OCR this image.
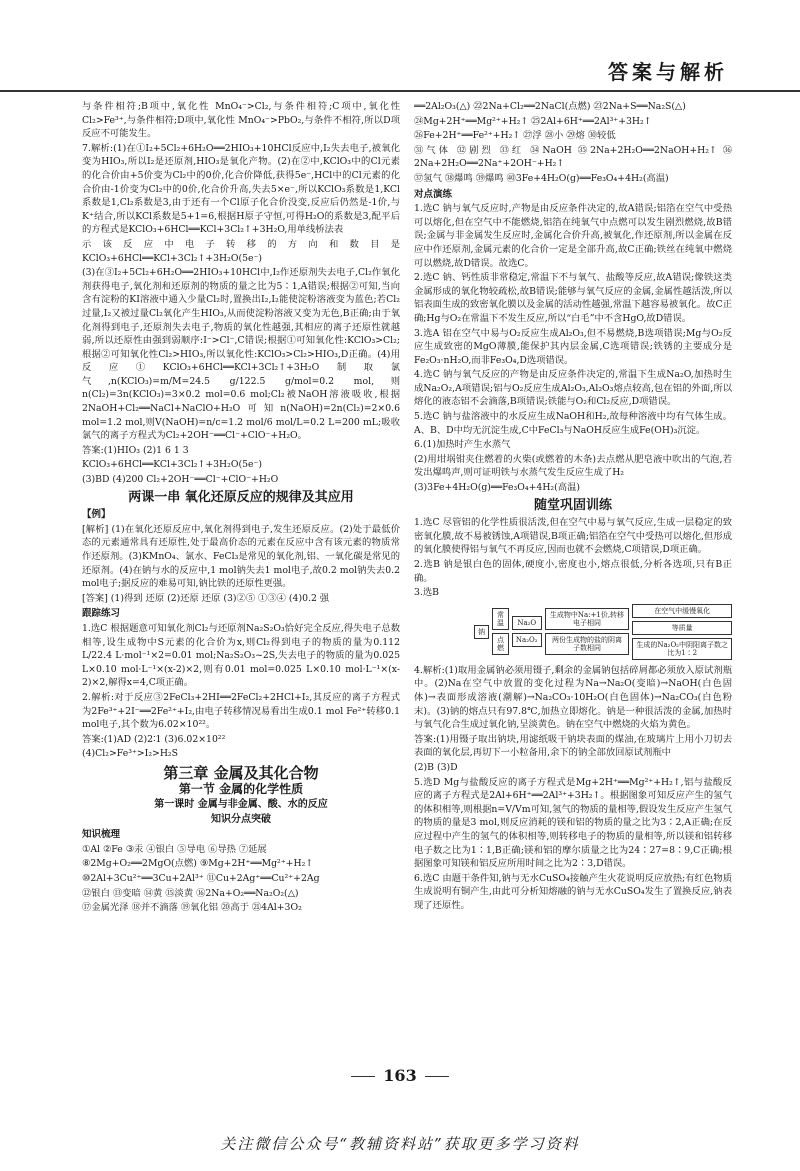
答案与解析

与条件相符;B项中,氧化性 MnO₄⁻>Cl₂,与条件相符;C项中,氧化性 Cl₂>Fe³⁺,与条件相符;D项中,氧化性 MnO₄⁻>PbO₂,与条件不相符,所以D项反应不可能发生。

7.解析:(1)在①I₂+5Cl₂+6H₂O══2HIO₃+10HCl反应中,I₂失去电子,被氧化变为HIO₃,所以I₂是还原剂,HIO₃是氧化产物。(2)在②中,KClO₃中的Cl元素的化合价由+5价变为Cl₂中的0价,化合价降低,获得5e⁻,HCl中的Cl元素的化合价由-1价变为Cl₂中的0价,化合价升高,失去5×e⁻,所以KClO₃系数是1,KCl系数是1,Cl₂系数是3,由于还有一个Cl原子化合价没变,反应后仍然是-1价,与K⁺结合,所以KCl系数是5+1=6,根据H原子守恒,可得H₂O的系数是3,配平后的方程式是KClO₃+6HCl══KCl+3Cl₂↑+3H₂O,用单线桥法表

示该反应中电子转移的方向和数目是 KClO₃+6HCl══KCl+3Cl₂↑+3H₂O(5e⁻)

(3)在③I₂+5Cl₂+6H₂O══2HIO₃+10HCl中,I₂作还原剂失去电子,Cl₂作氧化剂获得电子,氧化剂和还原剂的物质的量之比为5∶1,A错误;根据②可知,当向含有淀粉的KI溶液中通入少量Cl₂时,置换出I₂,I₂能使淀粉溶液变为蓝色;若Cl₂过量,I₂又被过量Cl₂氧化产生HIO₃,从而使淀粉溶液又变为无色,B正确;由于氧化剂得到电子,还原剂失去电子,物质的氧化性越强,其相应的离子还原性就越弱,所以还原性由强到弱顺序:I⁻>Cl⁻,C错误;根据①可知氧化性:KClO₃>Cl₂;根据②可知氧化性Cl₂>HIO₃,所以氧化性:KClO₃>Cl₂>HIO₃,D正确。(4)用反应①KClO₃+6HCl══KCl+3Cl₂↑+3H₂O制取氯气,n(KClO₃)=m/M=24.5 g/122.5 g/mol=0.2 mol,则n(Cl₂)=3n(KClO₃)=3×0.2 mol=0.6 mol;Cl₂被NaOH溶液吸收,根据2NaOH+Cl₂══NaCl+NaClO+H₂O可知n(NaOH)=2n(Cl₂)=2×0.6 mol=1.2 mol,则V(NaOH)=n/c=1.2 mol/6 mol/L=0.2 L=200 mL;吸收氯气的离子方程式为Cl₂+2OH⁻══Cl⁻+ClO⁻+H₂O。

答案:(1)HIO₃ (2)1 6 1 3

KClO₃+6HCl══KCl+3Cl₂↑+3H₂O(5e⁻)

(3)BD (4)200 Cl₂+2OH⁻══Cl⁻+ClO⁻+H₂O

两课一串 氧化还原反应的规律及其应用
【例】

[解析] (1)在氧化还原反应中,氧化剂得到电子,发生还原反应。(2)处于最低价态的元素通常具有还原性,处于最高价态的元素在反应中含有该元素的物质常作还原剂。(3)KMnO₄、氯水、FeCl₃是常见的氧化剂,铝、一氧化碳是常见的还原剂。(4)在钠与水的反应中,1 mol钠失去1 mol电子,故0.2 mol钠失去0.2 mol电子;据反应的难易可知,钠比铁的还原性更强。

[答案] (1)得到 还原 (2)还原 还原 (3)②⑤ ①③④ (4)0.2 强

跟踪练习

1.选C 根据题意可知氧化剂Cl₂与还原剂Na₂S₂O₃恰好完全反应,得失电子总数相等,设生成物中S元素的化合价为x,则Cl₂得到电子的物质的量为0.112 L/22.4 L·mol⁻¹×2=0.01 mol;Na₂S₂O₃~2S,失去电子的物质的量为0.025 L×0.10 mol·L⁻¹×(x-2)×2,则有0.01 mol=0.025 L×0.10 mol·L⁻¹×(x-2)×2,解得x=4,C项正确。

2.解析:对于反应③2FeCl₃+2HI══2FeCl₂+2HCl+I₂,其反应的离子方程式为2Fe³⁺+2I⁻══2Fe²⁺+I₂,由电子转移情况易看出生成0.1 mol Fe²⁺转移0.1 mol电子,其个数为6.02×10²²。

答案:(1)AD (2)2∶1 (3)6.02×10²²

(4)Cl₂>Fe³⁺>I₂>H₂S

第三章 金属及其化合物
第一节 金属的化学性质
第一课时 金属与非金属、酸、水的反应
知识分点突破
知识梳理

①Al ②Fe ③汞 ④银白 ⑤导电 ⑥导热 ⑦延展

⑧2Mg+O₂══2MgO(点燃) ⑨Mg+2H⁺══Mg²⁺+H₂↑

⑩2Al+3Cu²⁺══3Cu+2Al³⁺ ⑪Cu+2Ag⁺══Cu²⁺+2Ag

⑫银白 ⑬变暗 ⑭黄 ⑮淡黄 ⑯2Na+O₂══Na₂O₂(△)

⑰金属光泽 ⑱并不滴落 ⑲氧化铝 ⑳高于 ㉑4Al+3O₂

══2Al₂O₃(△) ㉒2Na+Cl₂══2NaCl(点燃) ㉓2Na+S══Na₂S(△)

㉔Mg+2H⁺══Mg²⁺+H₂↑ ㉕2Al+6H⁺══2Al³⁺+3H₂↑

㉖Fe+2H⁺══Fe²⁺+H₂↑ ㉗浮 ㉘小 ㉙熔 ㉚较低

㉛气体 ㉜剧烈 ㉝红 ㉞NaOH ㉟2Na+2H₂O══2NaOH+H₂↑ ㊱2Na+2H₂O══2Na⁺+2OH⁻+H₂↑

㊲氢气 ㊳爆鸣 ㊴爆鸣 ㊵3Fe+4H₂O(g)══Fe₃O₄+4H₂(高温)

对点演练

1.选C 钠与氧气反应时,产物是由反应条件决定的,故A错误;铝箔在空气中受热可以熔化,但在空气中不能燃烧,铝箔在纯氧气中点燃可以发生剧烈燃烧,故B错误;金属与非金属发生反应时,金属化合价升高,被氧化,作还原剂,所以金属在反应中作还原剂,金属元素的化合价一定是全部升高,故C正确;铁丝在纯氧中燃烧可以燃烧,故D错误。故选C。

2.选C 钠、钙性质非常稳定,常温下不与氧气、盐酸等反应,故A错误;像铁这类金属形成的氧化物较疏松,故B错误;能够与氧气反应的金属,金属性越活泼,所以铝表面生成的致密氧化膜以及金属的活动性越强,常温下越容易被氧化。故C正确;Hg与O₂在常温下不发生反应,所以“白毛”中不含HgO,故D错误。

3.选A 铝在空气中易与O₂反应生成Al₂O₃,但不易燃烧,B选项错误;Mg与O₂反应生成致密的MgO薄膜,能保护其内层金属,C选项错误;铁锈的主要成分是Fe₂O₃·nH₂O,而非Fe₃O₄,D选项错误。

4.选C 钠与氧气反应的产物是由反应条件决定的,常温下生成Na₂O,加热时生成Na₂O₂,A项错误;铝与O₂反应生成Al₂O₃,Al₂O₃熔点较高,包在铝的外面,所以熔化的液态铝不会滴落,B项错误;铁能与O₂和Cl₂反应,D项错误。

5.选C 钠与盐溶液中的水反应生成NaOH和H₂,故每种溶液中均有气体生成。A、B、D中均无沉淀生成,C中FeCl₃与NaOH反应生成Fe(OH)₃沉淀。

6.(1)加热时产生水蒸气

(2)用坩埚钳夹住燃着的火柴(或燃着的木条)去点燃从肥皂液中吹出的气泡,若发出爆鸣声,则可证明铁与水蒸气发生反应生成了H₂

(3)3Fe+4H₂O(g)══Fe₃O₄+4H₂(高温)

随堂巩固训练

1.选C 尽管铝的化学性质很活泼,但在空气中易与氧气反应,生成一层稳定的致密氧化膜,故不易被锈蚀,A项错误,B项正确;铝箔在空气中受热可以熔化,但形成的氧化膜使得铝与氧气不再反应,因而也就不会燃烧,C项错误,D项正确。

2.选B 钠是银白色的固体,硬度小,密度也小,熔点很低,分析各选项,只有B正确。

3.选B

钠
常温
点燃
Na₂O
Na₂O₂
生成物中Na:+1价,转移电子相同
两份生成物的盐的阴离子数相同
在空气中缓慢氧化
等质量
生成的Na₂O₂中阴阳离子数之比为1∶2

4.解析:(1)取用金属钠必须用镊子,剩余的金属钠包括碎屑都必须放入原试剂瓶中。(2)Na在空气中放置的变化过程为Na→Na₂O(变暗)→NaOH(白色固体)→表面形成溶液(潮解)→Na₂CO₃·10H₂O(白色固体)→Na₂CO₃(白色粉末)。(3)钠的熔点只有97.8℃,加热立即熔化。钠是一种很活泼的金属,加热时与氧气化合生成过氧化钠,呈淡黄色。钠在空气中燃烧的火焰为黄色。

答案:(1)用镊子取出钠块,用滤纸吸干钠块表面的煤油,在玻璃片上用小刀切去表面的氧化层,再切下一小粒备用,余下的钠全部放回原试剂瓶中

(2)B (3)D

5.选D Mg与盐酸反应的离子方程式是Mg+2H⁺══Mg²⁺+H₂↑,铝与盐酸反应的离子方程式是2Al+6H⁺══2Al³⁺+3H₂↑。根据图象可知反应产生的氢气的体积相等,则根据n=V/Vm可知,氢气的物质的量相等,假设发生反应产生氢气的物质的量是3 mol,则反应消耗的镁和铝的物质的量之比为3∶2,A正确;在反应过程中产生的氢气的体积相等,则转移电子的物质的量相等,所以镁和铝转移电子数之比为1∶1,B正确;镁和铝的摩尔质量之比为24∶27=8∶9,C正确;根据图象可知镁和铝反应所用时间之比为2∶3,D错误。

6.选C 由题干条件知,钠与无水CuSO₄接触产生火花说明反应放热;有红色物质生成说明有铜产生,由此可分析知熔融的钠与无水CuSO₄发生了置换反应,钠表现了还原性。

163
关注微信公众号“教辅资料站”获取更多学习资料
